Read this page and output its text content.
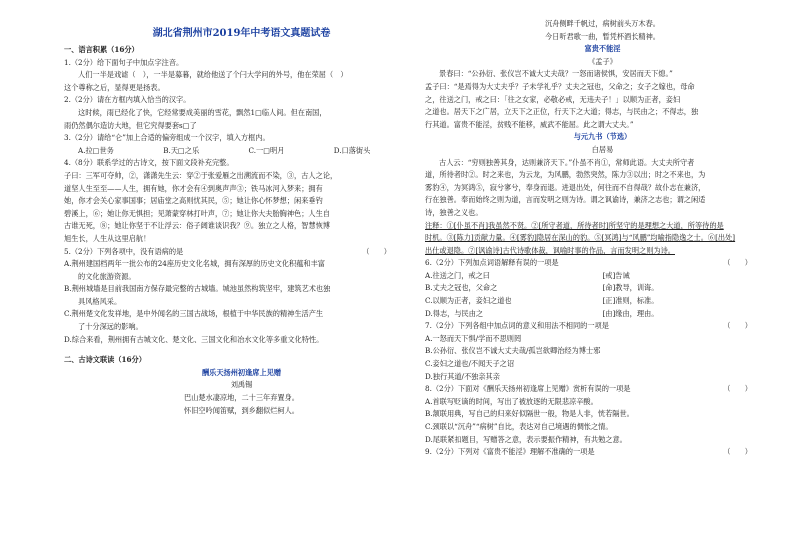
湖北省荆州市2019年中考语文真题试卷

一、语言积累（16分）

1.（2分）给下面句子中加点字注音。

人们一半是戏谑（　），一半是募暮，就给他送了个闩大学问的外号，他在荣屈（　）

这个尊称之后，显得更是扬表。

2.（2分）请在方框内填入恰当的汉字。

这时候，雨已经化了快，它经常要成美丽的雪花，飘然1□临人间。但在南国，

雨仍然偶尔造访大地，但它究得要套s□了

3.（2分）请给“仑”加上合适的偏旁组成一个汉字，填入方框内。

A.拉□世务	B.天□之乐	C.一□明月	D.口落街头

4.（8分）联系学过的古诗文，按下面文段补充完整。

子曰：三军可夺帅，②，潇潇先生云：穿②于张爱雁之出溯流而不染，③，古人之论，

道坚人生至至——人生，拥有她，你才会有④到奥声声③；铁马冰河入梦来；拥有

她，你才会关心家事国事；居庙堂之高则忧其民，⑤；她让你心怀梦想；闲来垂钓

碧溪上，⑥；她让你无惧担；见萧蒙穿林打叶声，⑦；她让你大夫胎胸神色；人生自

古谁无死，⑧；她让你坚于不让浮云：俗子阔谁谈识我？⑨。独立之人格，智慧恢博

旭生长，人生从这里启航！

5.（2分）下列各项中，没有语病的是	（　　）

A.荆州建国档两年一批公布的24座历史文化名城，拥有深厚的历史文化积蕴和丰富

的文化旅游资源。

B.荆州城墙是目前我国南方保存最完整的古城墙。城池虽然构筑坚牢，建筑艺术也独

具风格风采。

C.荆州楚文化发祥地，是中外闻名的三国古战场，根植于中华民族的精神生活产生

了十分深远的影响。

D.综合来看，荆州拥有古城文化、楚文化、三国文化和冶水文化等多重文化特性。

二、古诗文联读（16分）

酬乐天扬州初逢席上见赠

刘禹锡

巴山楚水凄凉地，二十三年弃置身。

怀旧空吟闻笛赋，到乡翻似烂柯人。

沉舟侧畔千帆过，病树前头万木春。

今日听君歌一曲，暂凭杯酒长精神。

富贵不能淫

《孟子》

景春曰：“公孙衍、张仪岂不诚大丈夫哉？一怒而诸侯惧，安居而天下熄。”

孟子曰：“是焉得为大丈夫乎？子未学礼乎？丈夫之冠也，父命之；女子之嫁也，母命

之，往送之门，戒之曰：「往之女家，必敬必戒，无违夫子！」以顺为正者，妾妇

之道也。居天下之广居，立天下之正位，行天下之大道；得志，与民由之；不得志，独

行其道。富贵不能淫，贫贱不能移，威武不能屈。此之谓大丈夫。”

与元九书（节选）

白居易

古人云：“穷则独善其身，达则兼济天下。”仆虽不肖①，常师此语。大丈夫所守者

道，所待者时②。时之来也，为云龙，为风鹏，勃然突然，陈力③以出；时之不来也，为

雾豹④，为冥鸿⑤，寂兮寥兮，奉身而退。进退出处，何往而不自得哉？故仆志在兼济，

行在独善。奉而始终之则为道，言而发明之则为诗。谓之讽谕诗，兼济之志也；谓之闲适

诗，独善之义也。

注释：①[仆虽不肖]我虽然不贤。②[所守者道，所待者时]所坚守的是理想之大道，所等待的是

时机。③[陈力]贡献力量。④[雾豹]隐居在深山的豹。⑤[冥鸿]与“风鹏”均喻指隐逸之士。⑥[出处]

出仕或退隐。⑦[讽谕诗]古代诗歌体裁，讽喻时事的作品，言而发明之则为诗。

6.（2分）下列加点词语解释有误的一项是	（　　）

A.往送之门，戒之曰	[戒]告诫
B.丈夫之冠也，父命之	[命]教导，训诲。
C.以顺为正者，妾妇之道也	[正]准则，标准。
D.得志，与民由之	[由]缘由，理由。

7.（2分）下列各组中加点词的意义和用法不相同的一项是	（　　）

A.一怒而天下惧/学而不思则罔

B.公孙衍、张仪岂不诚大丈夫哉/孤岂欲卿治经为博士邪

C.妾妇之道也/不闻天子之诏

D.独行其道/不独亲其亲

8.（2分）下面对《酬乐天扬州初逢席上见赠》赏析有误的一项是	（　　）

A.首联写贬谪的时间，写出了被放逐的无限悲凉辛酸。

B.颔联用典，写自己的归来好似隔世一般，物是人非，恍若隔世。

C.颈联以“沉舟”“病树”自比，表达对自己境遇的惆怅之情。

D.尾联紧扣题目，写赠答之意，表示要振作精神，有共勉之意。

9.（2分）下列对《富贵不能淫》理解不准确的一项是	（　　）
